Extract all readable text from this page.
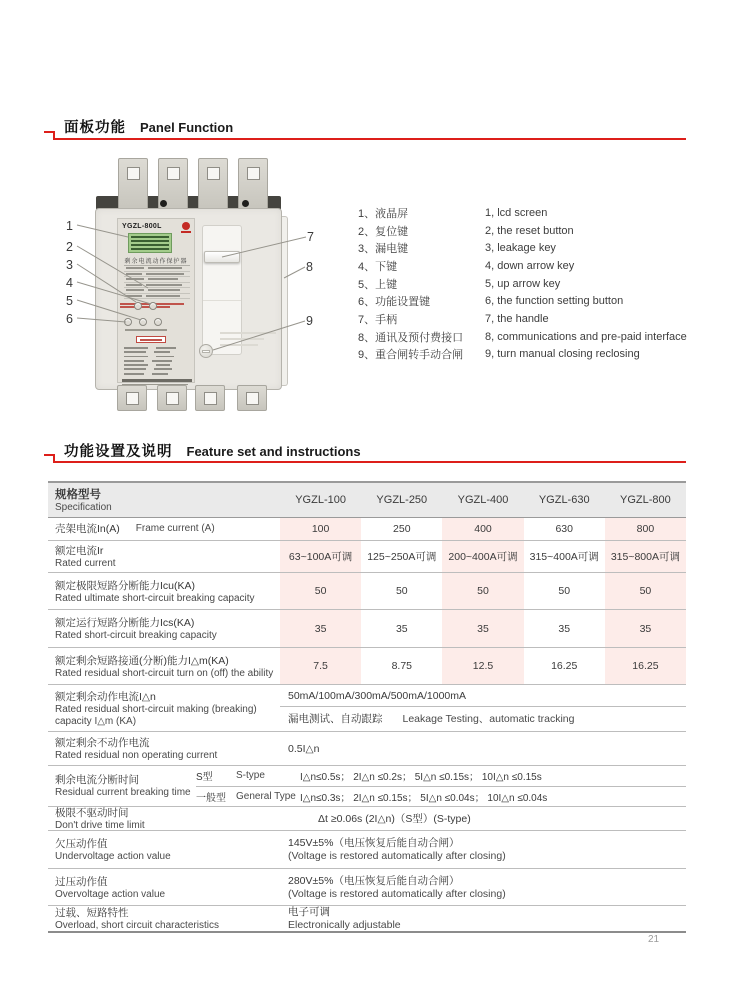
面板功能 Panel Function
YGZL-800L
剩余电流动作保护器
1
2
3
4
5
6
7
8
9
1、液晶屏	1, lcd screen
2、复位键	2, the reset button
3、漏电键	3, leakage key
4、下键	4, down arrow key
5、上键	5, up arrow key
6、功能设置键	6, the function setting button
7、手柄	7, the handle
8、通讯及预付费接口	8, communications and pre-paid interface
9、重合闸转手动合闸	9, turn manual closing reclosing
功能设置及说明 Feature set and instructions
规格型号
Specification
YGZL-100	YGZL-250	YGZL-400	YGZL-630	YGZL-800
壳架电流In(A) Frame current (A)	100	250	400	630	800
额定电流Ir
Rated current
63~100A可调	125~250A可调	200~400A可调	315~400A可调	315~800A可调
额定极限短路分断能力Icu(KA)
Rated ultimate short-circuit breaking capacity
50	50	50	50	50
额定运行短路分断能力Ics(KA)
Rated short-circuit breaking capacity
35	35	35	35	35
额定剩余短路接通(分断)能力I△m(KA)
Rated residual short-circuit turn on (off) the ability
7.5	8.75	12.5	16.25	16.25
额定剩余动作电流I△n
Rated residual short-circuit making (breaking) capacity I△m (KA)
50mA/100mA/300mA/500mA/1000mA
漏电测试、自动跟踪 Leakage Testing、automatic tracking
额定剩余不动作电流
Rated residual non operating current
0.5I△n
剩余电流分断时间
Residual current breaking time
S型	S-type	I△n≤0.5s； 2I△n ≤0.2s； 5I△n ≤0.15s； 10I△n ≤0.15s
一般型	General Type I△n≤0.3s； 2I△n ≤0.15s； 5I△n ≤0.04s； 10I△n ≤0.04s
极限不驱动时间
Don't drive time limit
Δt ≥0.06s (2I△n)（S型）(S-type)
欠压动作值
Undervoltage action value
145V±5%（电压恢复后能自动合闸）
(Voltage is restored automatically after closing)
过压动作值
Overvoltage action value
280V±5%（电压恢复后能自动合闸）
(Voltage is restored automatically after closing)
过载、短路特性
Overload, short circuit characteristics
电子可调
Electronically adjustable
21
